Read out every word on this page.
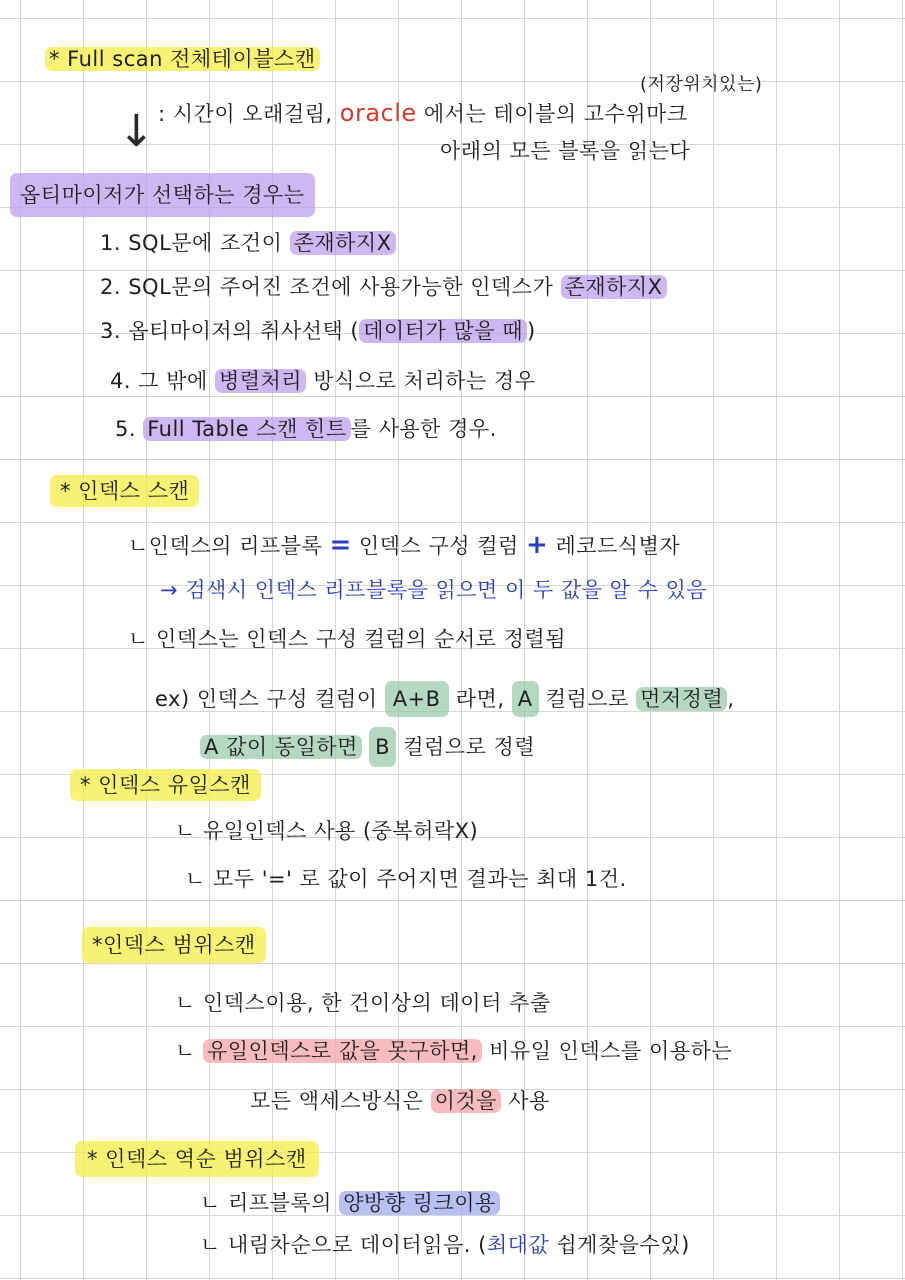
* Full scan 전체테이블스캔
(저장위치있는)
: 시간이 오래걸림, oracle 에서는 테이블의 고수위마크
아래의 모든 블록을 읽는다
↓
옵티마이저가 선택하는 경우는
1. SQL문에 조건이 존재하지X
2. SQL문의 주어진 조건에 사용가능한 인덱스가 존재하지X
3. 옵티마이저의 취사선택 ( 데이터가 많을 때 )
4. 그 밖에 병렬처리 방식으로 처리하는 경우
5. Full Table 스캔 힌트 를 사용한 경우.
* 인덱스 스캔
ㄴ인덱스의 리프블록 = 인덱스 구성 컬럼 + 레코드식별자
→ 검색시 인덱스 리프블록을 읽으면 이 두 값을 알 수 있음
ㄴ 인덱스는 인덱스 구성 컬럼의 순서로 정렬됨
ex) 인덱스 구성 컬럼이 A+B 라면, A 컬럼으로 먼저정렬 ,
A 값이 동일하면 B 컬럼으로 정렬
* 인덱스 유일스캔
ㄴ 유일인덱스 사용 (중복허락X)
ㄴ 모두 '=' 로 값이 주어지면 결과는 최대 1건.
*인덱스 범위스캔
ㄴ 인덱스이용, 한 건이상의 데이터 추출
ㄴ 유일인덱스로 값을 못구하면, 비유일 인덱스를 이용하는
모든 액세스방식은 이것을 사용
* 인덱스 역순 범위스캔
ㄴ 리프블록의 양방향 링크이용
ㄴ 내림차순으로 데이터읽음. (최대값 쉽게찾을수있)
